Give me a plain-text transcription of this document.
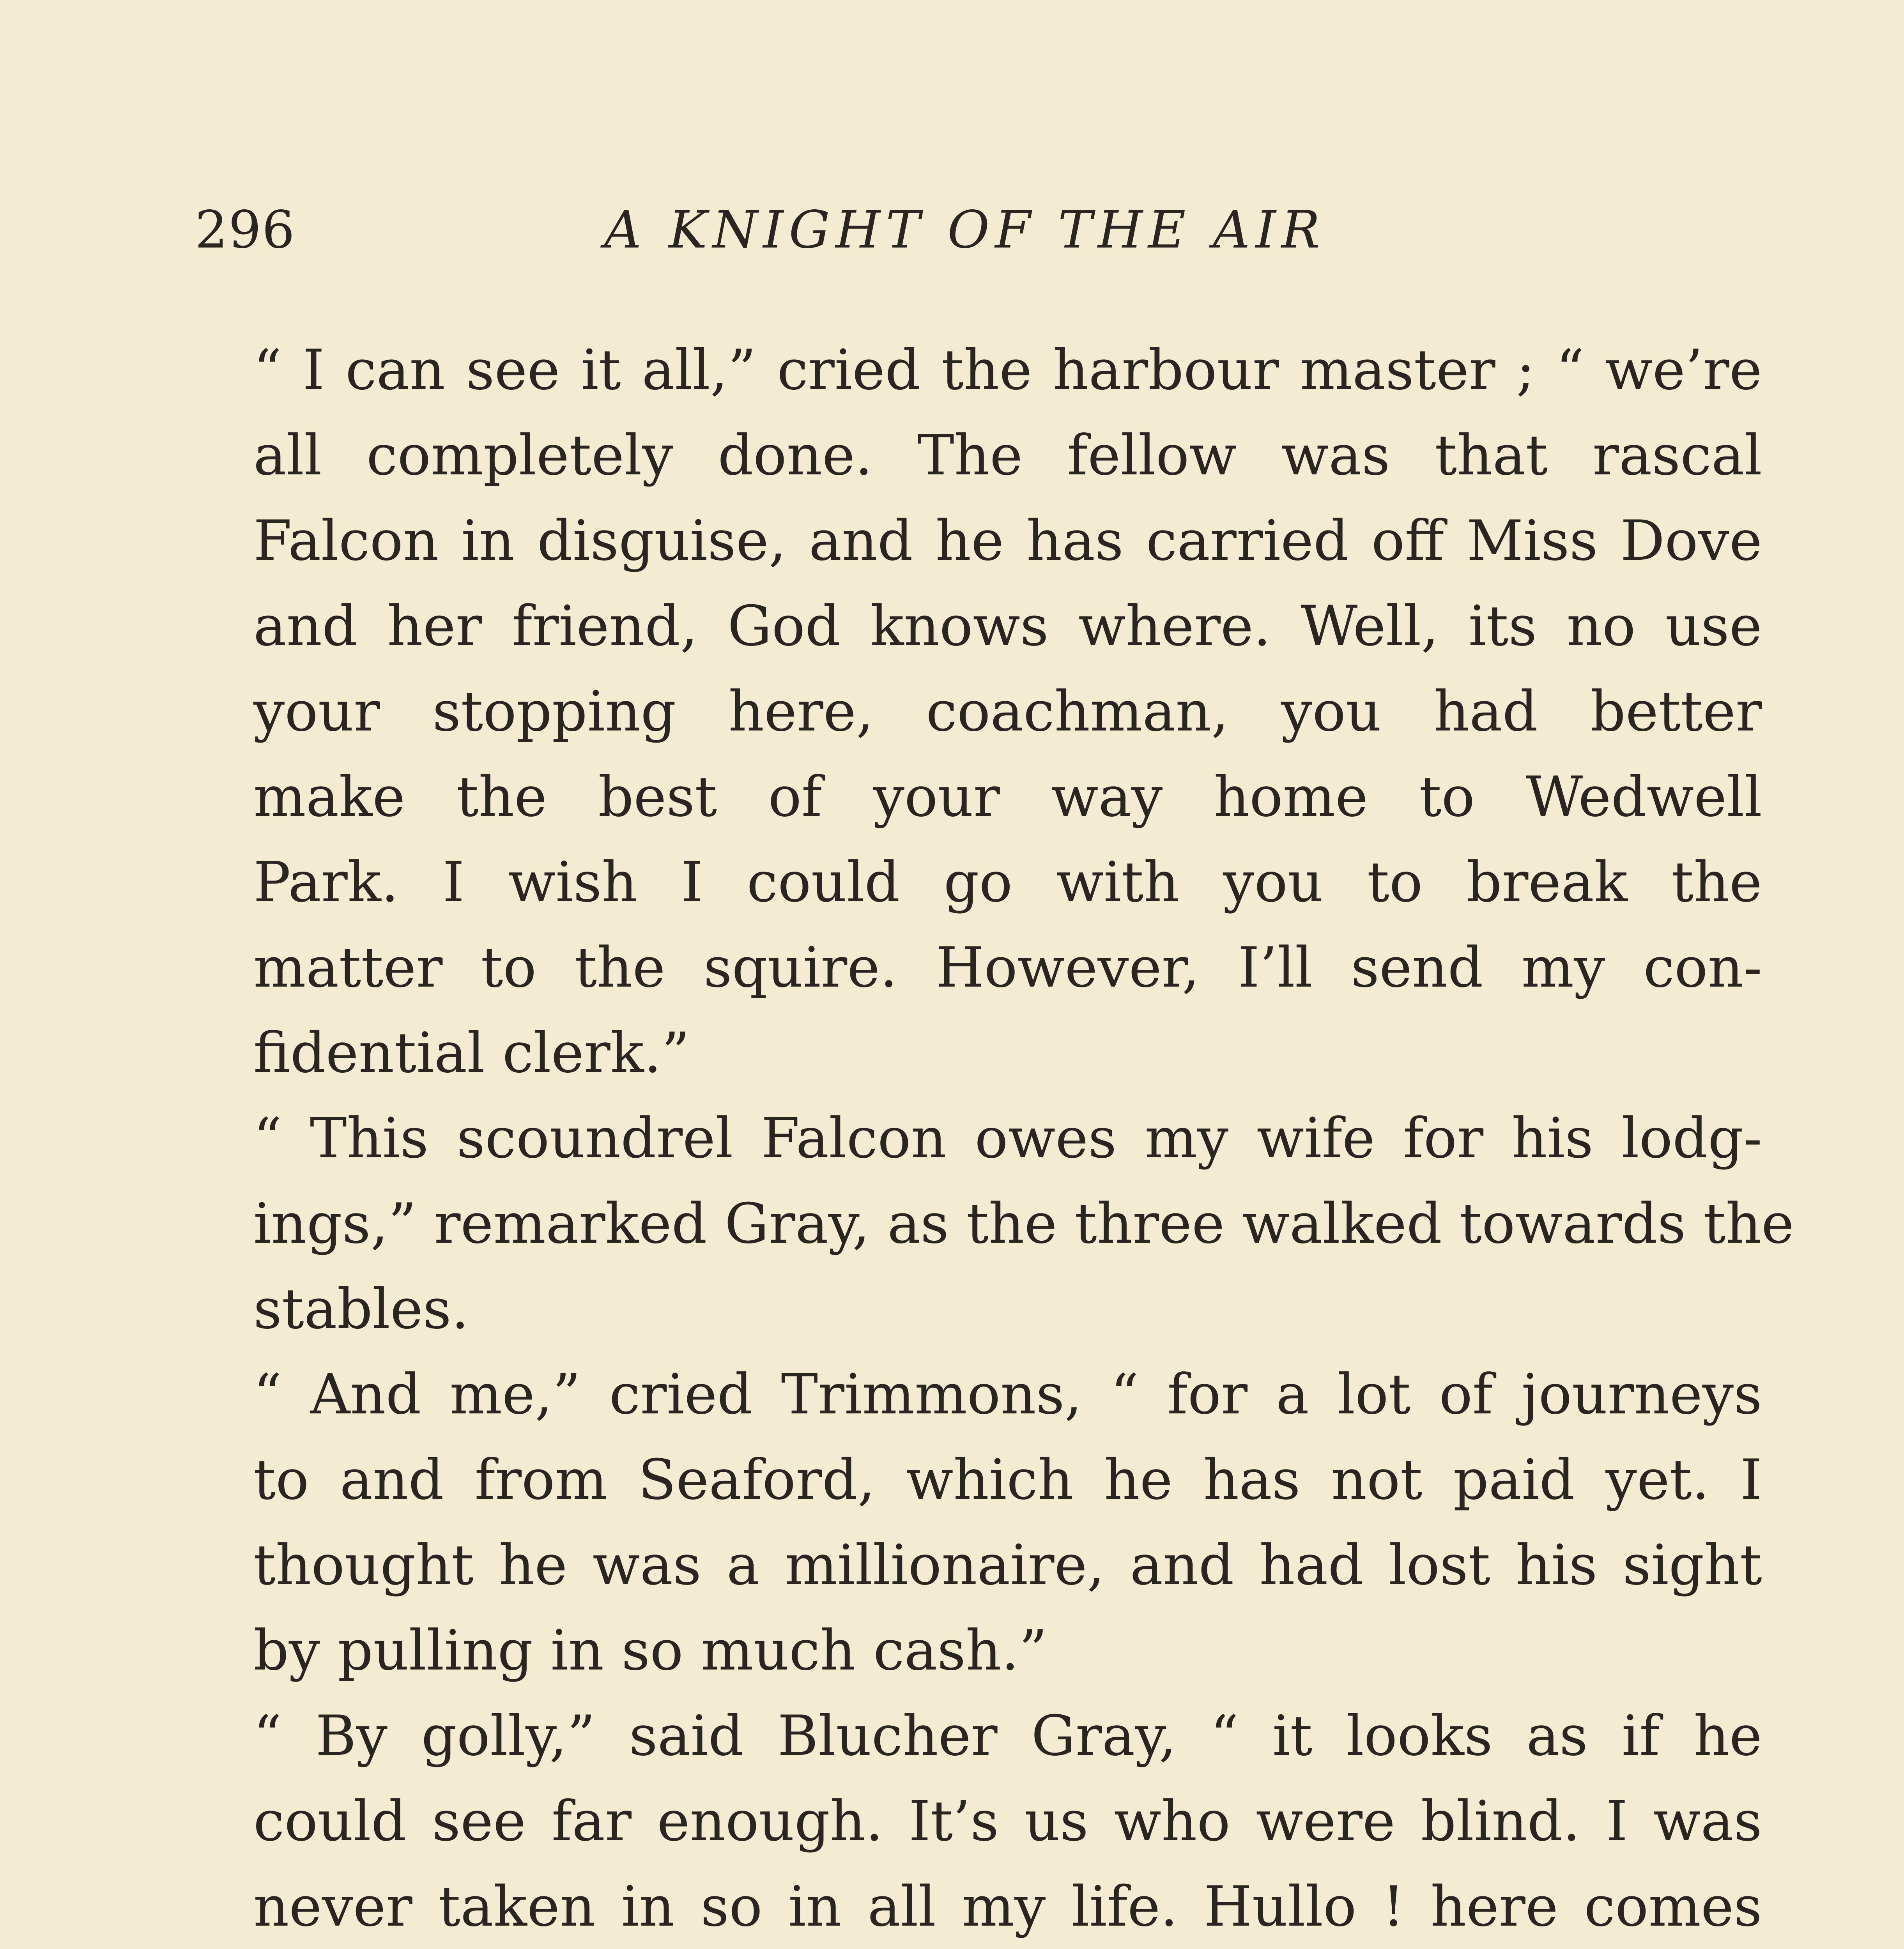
296	A KNIGHT OF THE AIR

“ I can see it all,” cried the harbour master ; “ we’re
all completely done. The fellow was that rascal
Falcon in disguise, and he has carried off Miss Dove
and her friend, God knows where. Well, its no use
your stopping here, coachman, you had better
make the best of your way home to Wedwell
Park. I wish I could go with you to break the
matter to the squire. However, I’ll send my con-
fidential clerk.”

“ This scoundrel Falcon owes my wife for his lodg-
ings,” remarked Gray, as the three walked towards the
stables.

“ And me,” cried Trimmons, “ for a lot of journeys
to and from Seaford, which he has not paid yet. I
thought he was a millionaire, and had lost his sight
by pulling in so much cash.”

“ By golly,” said Blucher Gray, “ it looks as if he
could see far enough. It’s us who were blind. I was
never taken in so in all my life. Hullo ! here comes
